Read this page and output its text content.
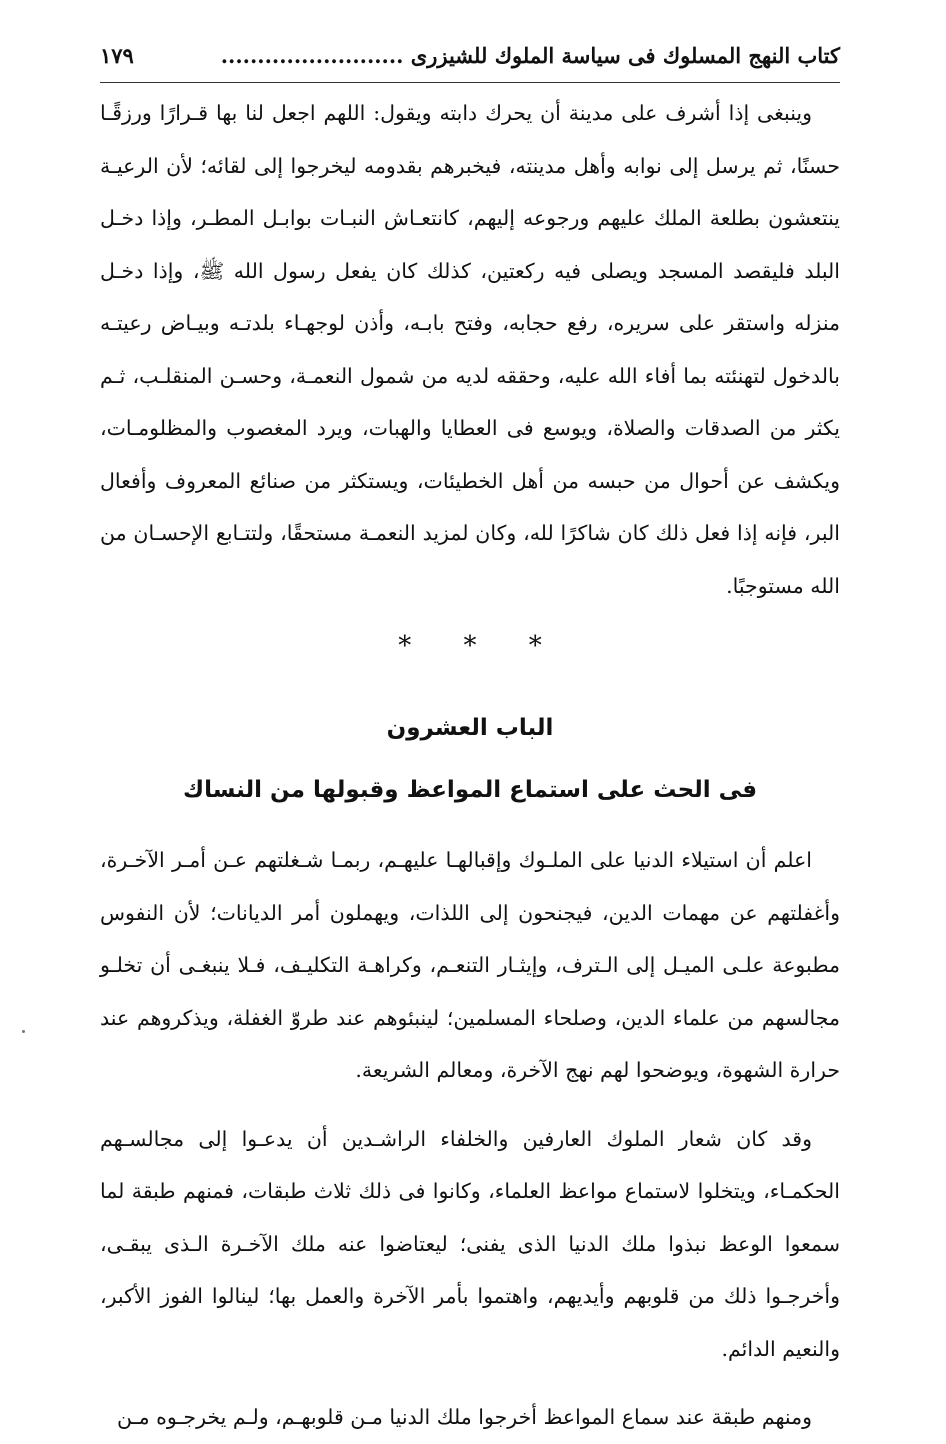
كتاب النهج المسلوك فى سياسة الملوك للشيزرى .........................
١٧٩

وينبغى إذا أشرف على مدينة أن يحرك دابته ويقول: اللهم اجعل لنا بها قـرارًا ورزقًـا حسنًا، ثم يرسل إلى نوابه وأهل مدينته، فيخبرهم بقدومه ليخرجوا إلى لقائه؛ لأن الرعيـة ينتعشون بطلعة الملك عليهم ورجوعه إليهم، كانتعـاش النبـات بوابـل المطـر، وإذا دخـل البلد فليقصد المسجد ويصلى فيه ركعتين، كذلك كان يفعل رسول الله ﷺ، وإذا دخـل منزله واستقر على سريره، رفع حجابه، وفتح بابـه، وأذن لوجهـاء بلدتـه وبيـاض رعيتـه بالدخول لتهنئته بما أفاء الله عليه، وحققه لديه من شمول النعمـة، وحسـن المنقلـب، ثـم يكثر من الصدقات والصلاة، ويوسع فى العطايا والهبات، ويرد المغصوب والمظلومـات، ويكشف عن أحوال من حبسه من أهل الخطيئات، ويستكثر من صنائع المعروف وأفعال البر، فإنه إذا فعل ذلك كان شاكرًا لله، وكان لمزيد النعمـة مستحقًا، ولتتـابع الإحسـان من الله مستوجبًا.

* * *
الباب العشرون
فى الحث على استماع المواعظ وقبولها من النساك

اعلم أن استيلاء الدنيا على الملـوك وإقبالهـا عليهـم، ربمـا شـغلتهم عـن أمـر الآخـرة، وأغفلتهم عن مهمات الدين، فيجنحون إلى اللذات، ويهملون أمر الديانات؛ لأن النفوس مطبوعة علـى الميـل إلى الـترف، وإيثـار التنعـم، وكراهـة التكليـف، فـلا ينبغـى أن تخلـو مجالسهم من علماء الدين، وصلحاء المسلمين؛ لينبئوهم عند طروّ الغفلة، ويذكروهم عند حرارة الشهوة، ويوضحوا لهم نهج الآخرة، ومعالم الشريعة.

وقد كان شعار الملوك العارفين والخلفاء الراشـدين أن يدعـوا إلى مجالسـهم الحكمـاء، ويتخلوا لاستماع مواعظ العلماء، وكانوا فى ذلك ثلاث طبقات، فمنهم طبقة لما سمعوا الوعظ نبذوا ملك الدنيا الذى يفنى؛ ليعتاضوا عنه ملك الآخـرة الـذى يبقـى، وأخرجـوا ذلك من قلوبهم وأيديهم، واهتموا بأمر الآخرة والعمل بها؛ لينالوا الفوز الأكبر، والنعيم الدائم.

ومنهم طبقة عند سماع المواعظ أخرجوا ملك الدنيا مـن قلوبهـم، ولـم يخرجـوه مـن
